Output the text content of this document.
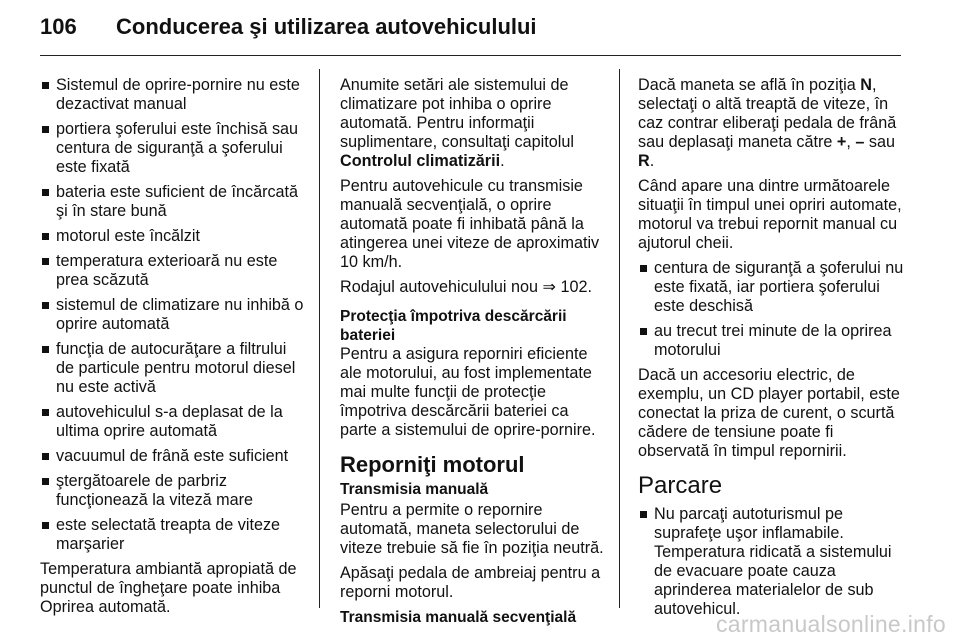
106 Conducerea şi utilizarea autovehiculului
Sistemul de oprire-pornire nu este dezactivat manual
portiera şoferului este închisă sau centura de siguranţă a şoferului este fixată
bateria este suficient de încărcată şi în stare bună
motorul este încălzit
temperatura exterioară nu este prea scăzută
sistemul de climatizare nu inhibă o oprire automată
funcţia de autocurăţare a filtrului de particule pentru motorul diesel nu este activă
autovehiculul s-a deplasat de la ultima oprire automată
vacuumul de frână este suficient
ştergătoarele de parbriz funcţionează la viteză mare
este selectată treapta de viteze marşarier

Temperatura ambiantă apropiată de punctul de îngheţare poate inhiba Oprirea automată.

Anumite setări ale sistemului de climatizare pot inhiba o oprire automată. Pentru informaţii suplimentare, consultaţi capitolul Controlul climatizării.

Pentru autovehicule cu transmisie manuală secvenţială, o oprire automată poate fi inhibată până la atingerea unei viteze de aproximativ 10 km/h.

Rodajul autovehiculului nou ⇒ 102.

Protecţia împotriva descărcării bateriei

Pentru a asigura reporniri eficiente ale motorului, au fost implementate mai multe funcţii de protecţie împotriva descărcării bateriei ca parte a sistemului de oprire-pornire.

Reporniţi motorul
Transmisia manuală

Pentru a permite o repornire automată, maneta selectorului de viteze trebuie să fie în poziţia neutră.

Apăsaţi pedala de ambreiaj pentru a reporni motorul.

Transmisia manuală secvenţială

Dacă maneta se află în poziţia N, selectaţi o altă treaptă de viteze, în caz contrar eliberaţi pedala de frână sau deplasaţi maneta către +, – sau R.

Când apare una dintre următoarele situaţii în timpul unei opriri automate, motorul va trebui repornit manual cu ajutorul cheii.

centura de siguranţă a şoferului nu este fixată, iar portiera şoferului este deschisă
au trecut trei minute de la oprirea motorului

Dacă un accesoriu electric, de exemplu, un CD player portabil, este conectat la priza de curent, o scurtă cădere de tensiune poate fi observată în timpul repornirii.

Parcare
Nu parcaţi autoturismul pe suprafeţe uşor inflamabile. Temperatura ridicată a sistemului de evacuare poate cauza aprinderea materialelor de sub autovehicul.
carmanualsonline.info
